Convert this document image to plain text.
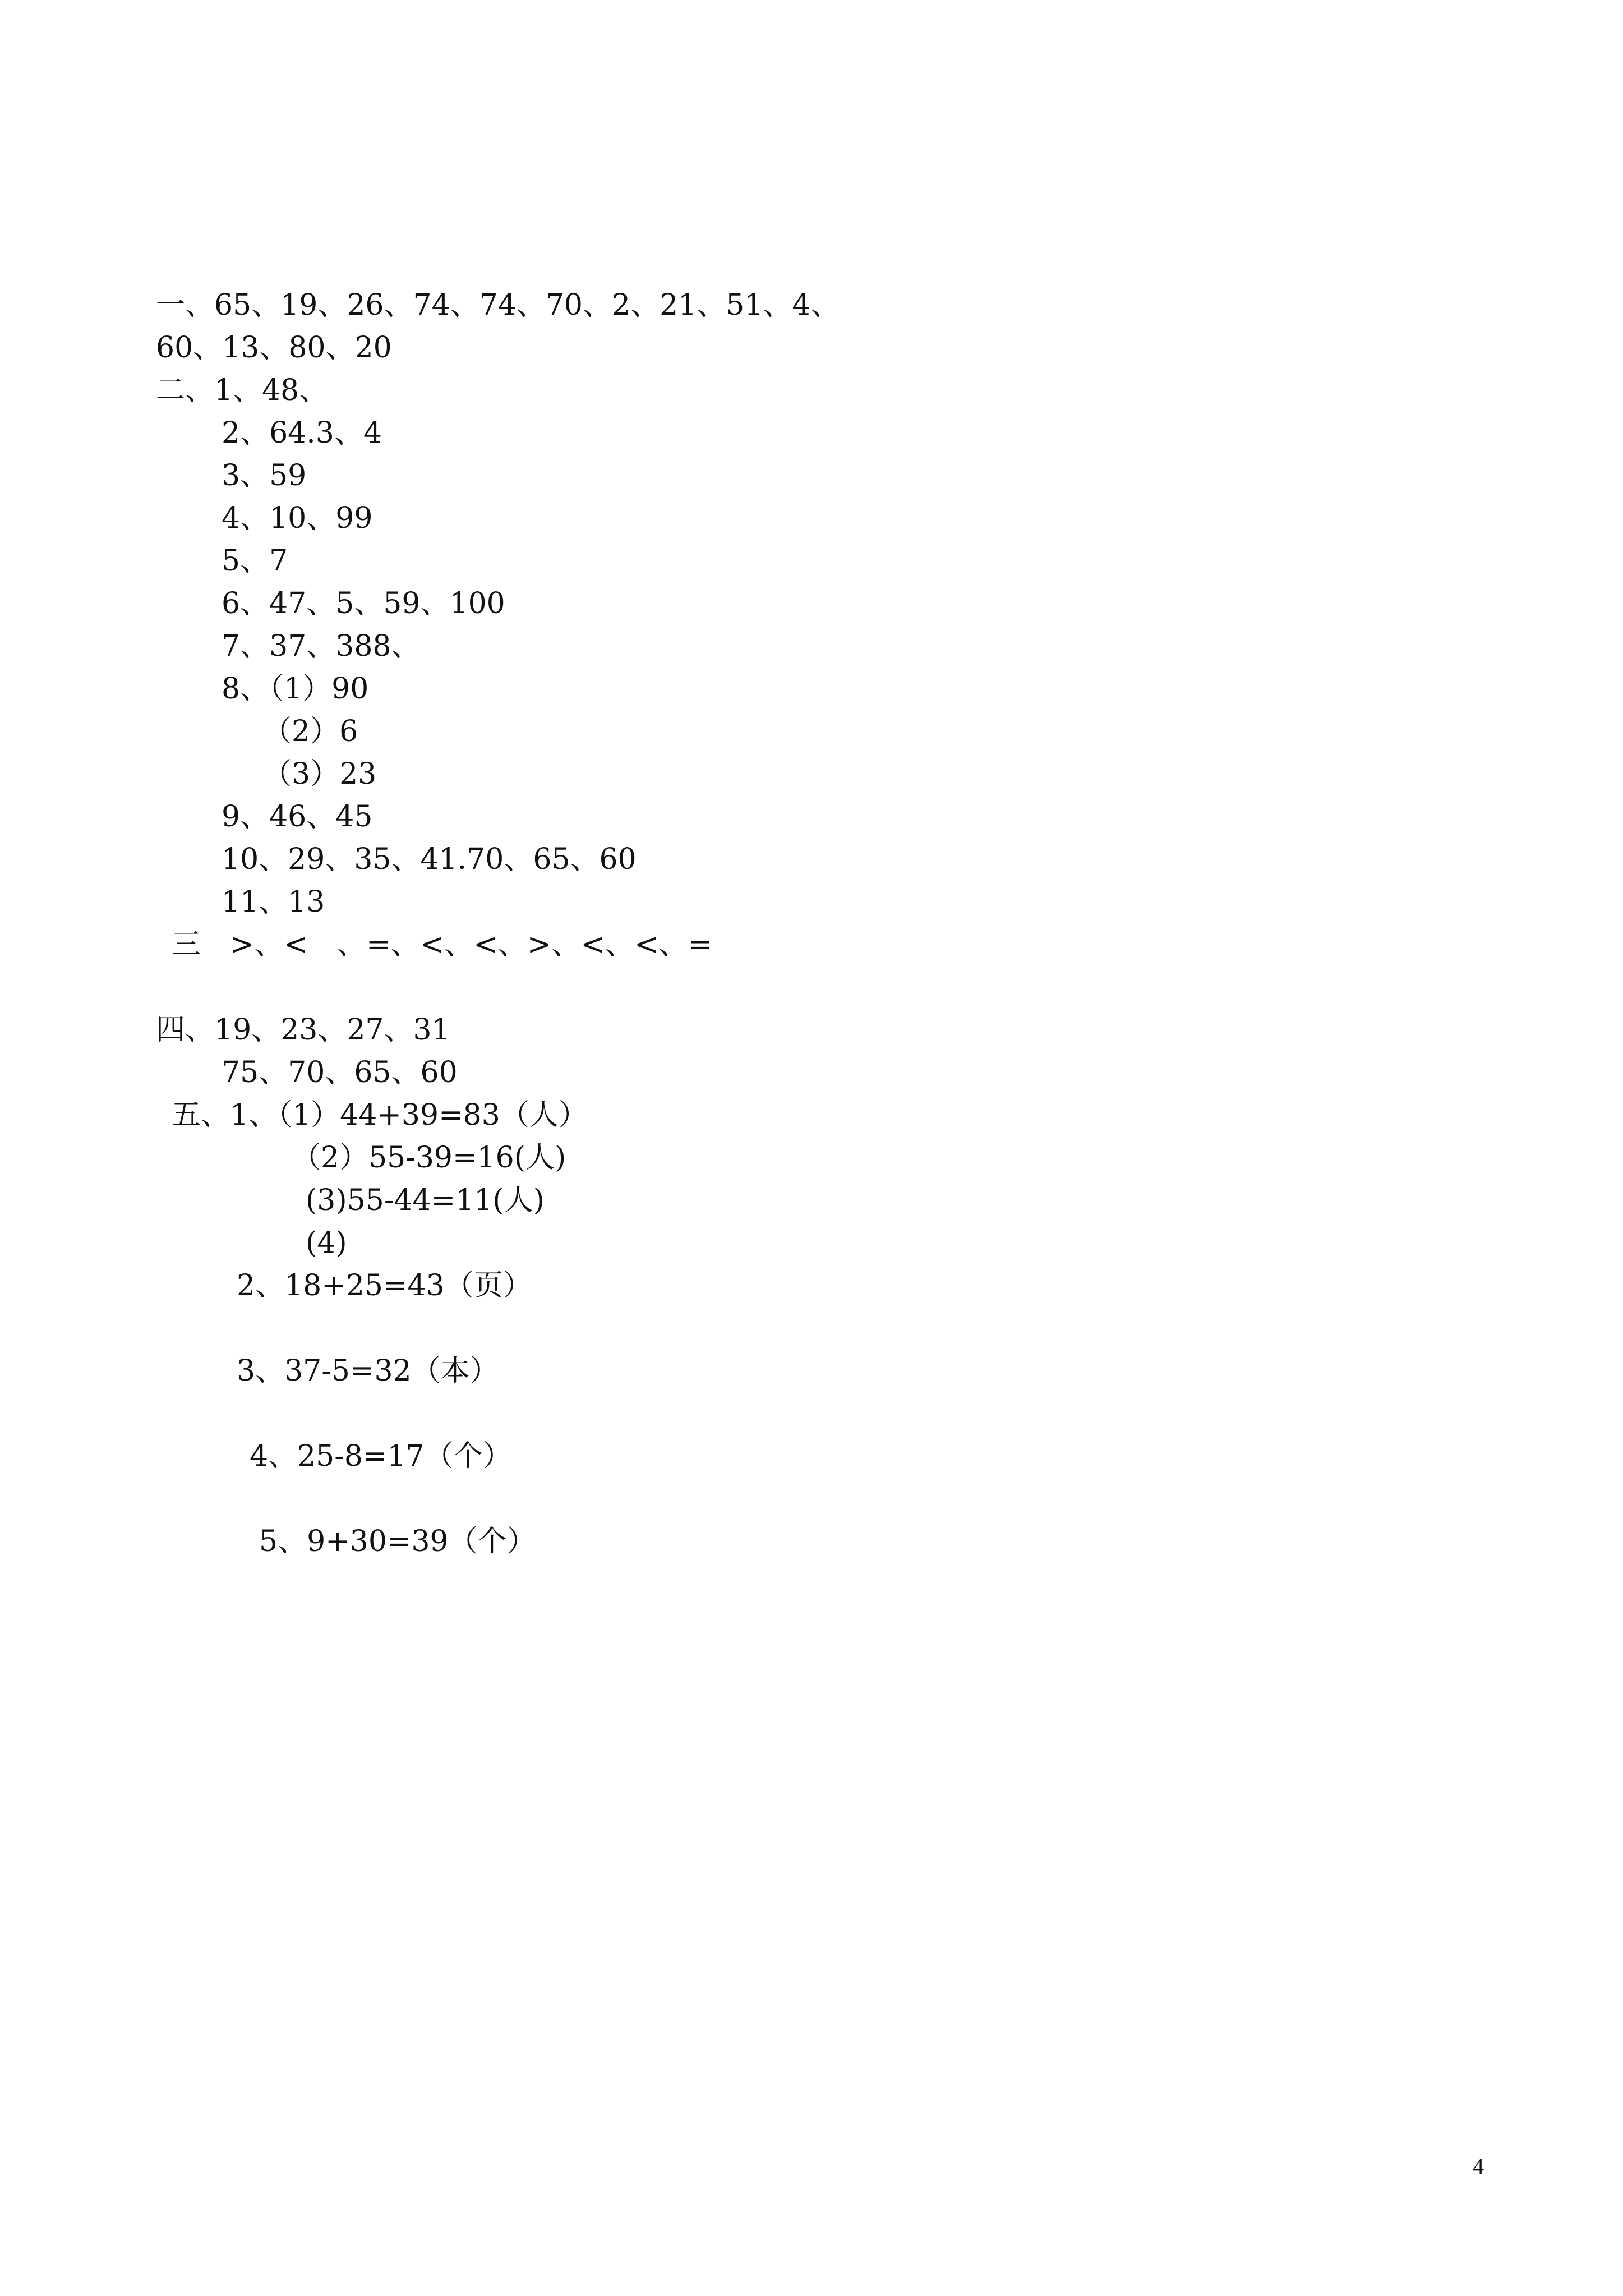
一、65、19、26、74、74、70、2、21、51、4、
60、13、80、20
二、1、48、
2、64.3、4
3、59
4、10、99
5、7
6、47、5、59、100
7、37、388、
8、（1）90
（2）6
（3）23
9、46、45
10、29、35、41.70、65、60
11、13
三　>、<　、=、<、<、>、<、<、=
四、19、23、27、31
75、70、65、60
五、1、（1）44+39=83（人）
（2）55-39=16(人)
(3)55-44=11(人)
(4)
2、18+25=43（页）
3、37-5=32（本）
4、25-8=17（个）
5、9+30=39（个）
4
